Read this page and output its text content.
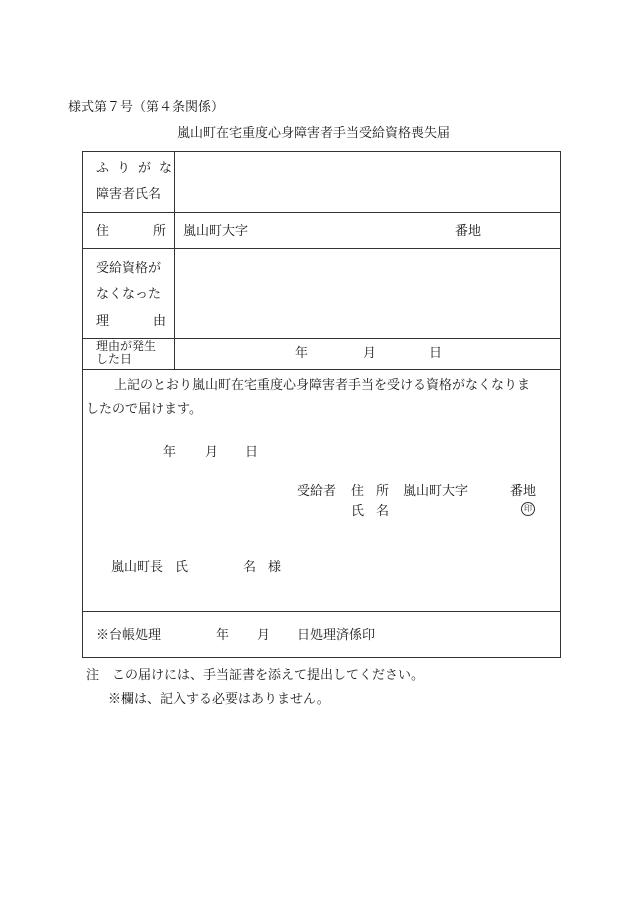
様式第７号（第４条関係）
嵐山町在宅重度心身障害者手当受給資格喪失届
ふりがな
障害者氏名
住	所 嵐山町大字	番地
受給資格が
なくなった
理	由
理由が発生
した日	年	月	日
上記のとおり嵐山町在宅重度心身障害者手当を受ける資格がなくなりま
したので届けます。
年 月 日
受給者 住 所 嵐山町大字	番地
氏 名
嵐山町長 氏	名 様
※台帳処理	年 月 日処理済係印
印
注 この届けには、手当証書を添えて提出してください。
※欄は、記入する必要はありません。
